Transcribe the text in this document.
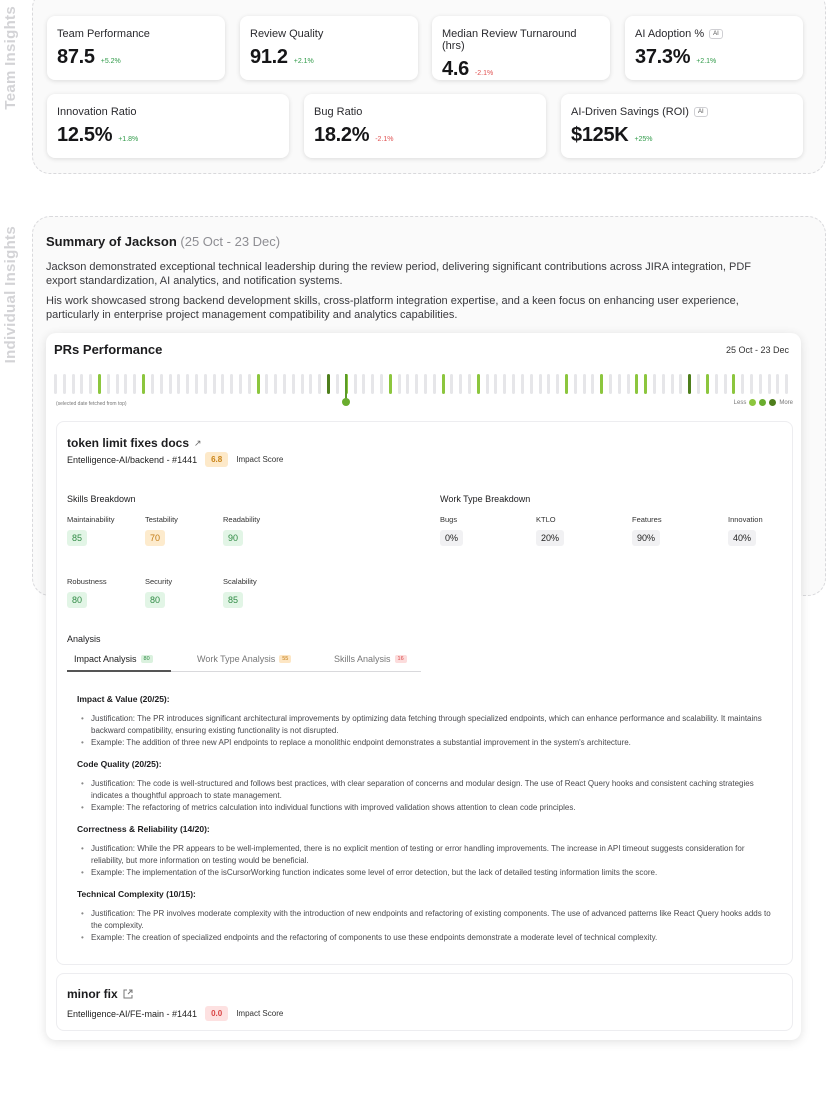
Team Insights
Individual Insights
Team Performance
87.5 +5.2%
Review Quality
91.2 +2.1%
Median Review Turnaround (hrs)
4.6 -2.1%
AI Adoption %	AI
37.3% +2.1%
Innovation Ratio
12.5% +1.8%
Bug Ratio
18.2% -2.1%
AI-Driven Savings (ROI)	AI
$125K +25%
Summary of Jackson (25 Oct - 23 Dec)
Jackson demonstrated exceptional technical leadership during the review period, delivering significant contributions across JIRA integration, PDF export standardization, AI analytics, and notification systems.
His work showcased strong backend development skills, cross-platform integration expertise, and a keen focus on enhancing user experience, particularly in enterprise project management compatibility and analytics capabilities.
PRs Performance	25 Oct - 23 Dec
(selected date fetched from top)	Less	More
token limit fixes docs ↗
Entelligence-AI/backend - #1441	6.8	Impact Score
Skills Breakdown
Maintainability
85
Testability
70
Readability
90
Robustness
80
Security
80
Scalability
85
Work Type Breakdown
Bugs
0%
KTLO
20%
Features
90%
Innovation
40%
Analysis
Impact Analysis	80	Work Type Analysis	55	Skills Analysis	16
Impact & Value (20/25):
• Justification: The PR introduces significant architectural improvements by optimizing data fetching through specialized endpoints, which can enhance performance and scalability. It maintains backward compatibility, ensuring existing functionality is not disrupted.
• Example: The addition of three new API endpoints to replace a monolithic endpoint demonstrates a substantial improvement in the system's architecture.
Code Quality (20/25):
• Justification: The code is well-structured and follows best practices, with clear separation of concerns and modular design. The use of React Query hooks and consistent caching strategies indicates a thoughtful approach to state management.
• Example: The refactoring of metrics calculation into individual functions with improved validation shows attention to clean code principles.
Correctness & Reliability (14/20):
• Justification: While the PR appears to be well-implemented, there is no explicit mention of testing or error handling improvements. The increase in API timeout suggests consideration for reliability, but more information on testing would be beneficial.
• Example: The implementation of the isCursorWorking function indicates some level of error detection, but the lack of detailed testing information limits the score.
Technical Complexity (10/15):
• Justification: The PR involves moderate complexity with the introduction of new endpoints and refactoring of existing components. The use of advanced patterns like React Query hooks adds to the complexity.
• Example: The creation of specialized endpoints and the refactoring of components to use these endpoints demonstrate a moderate level of technical complexity.
minor fix
Entelligence-AI/FE-main - #1441	0.0	Impact Score
